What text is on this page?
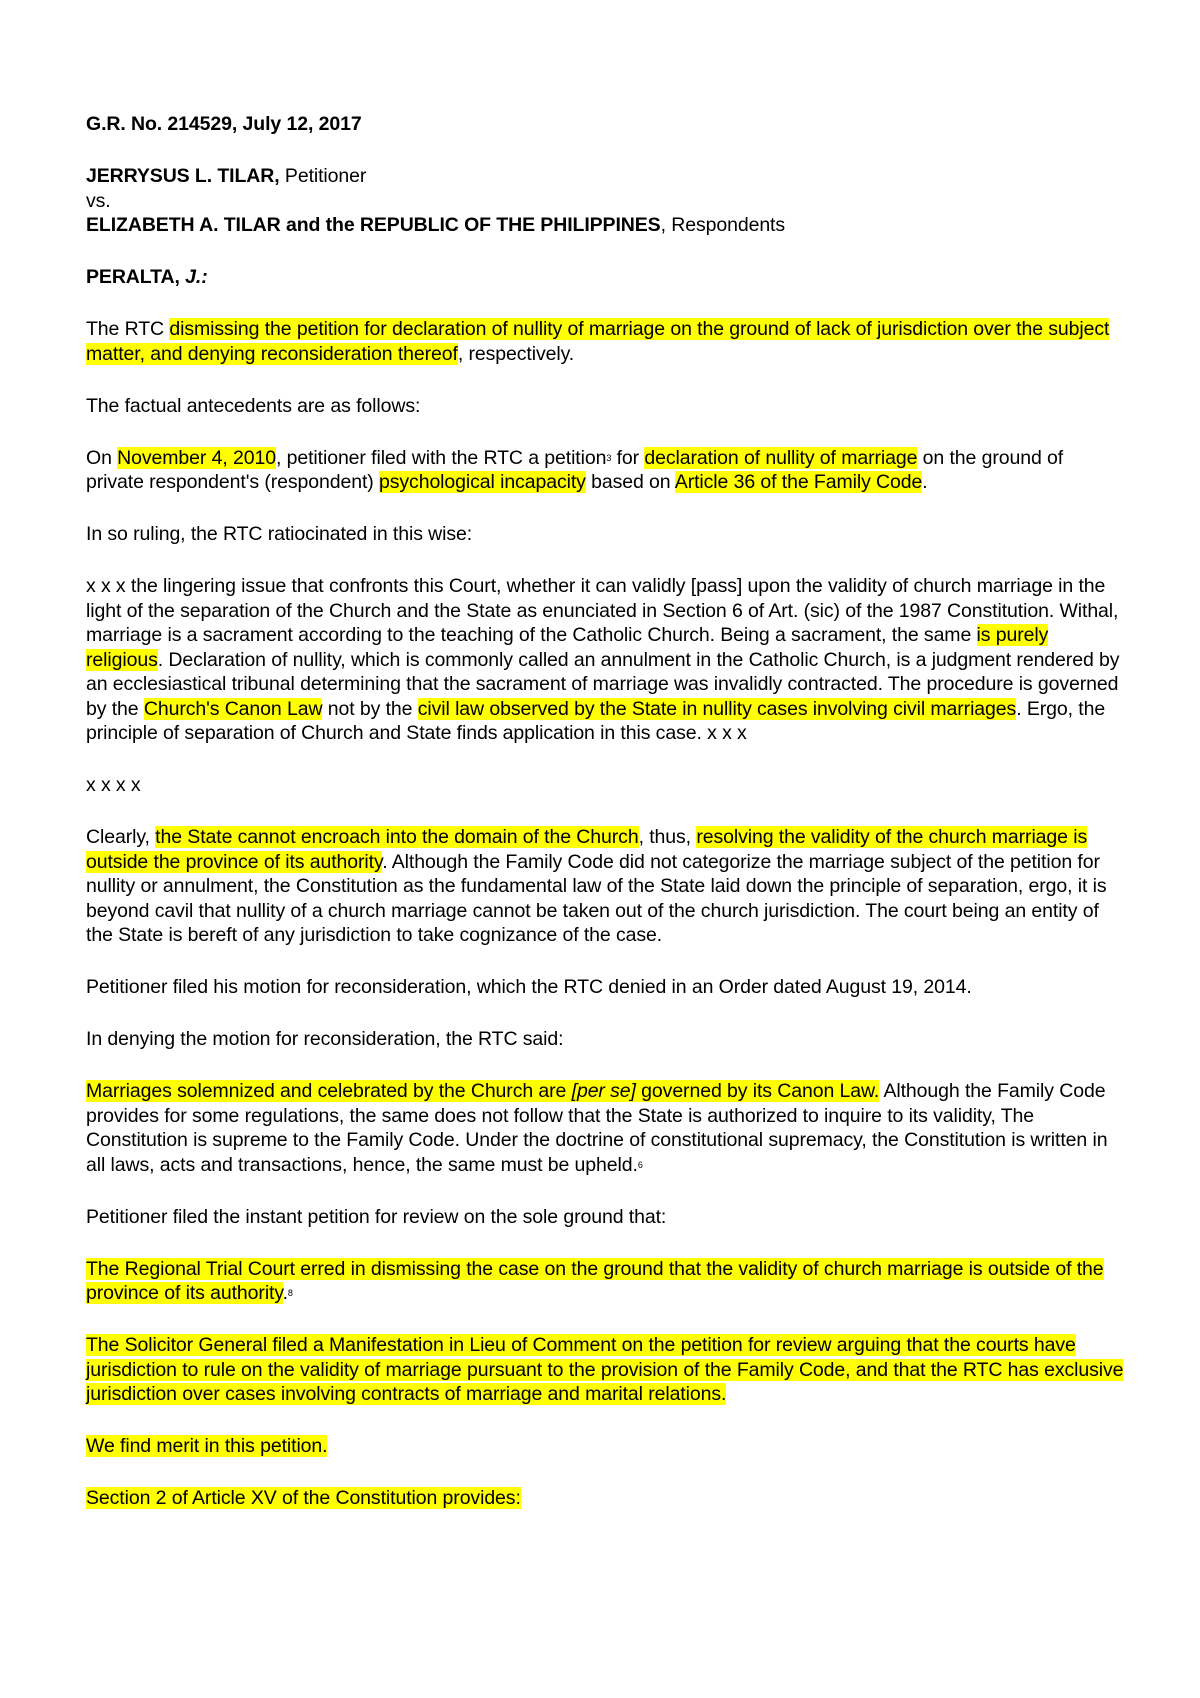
G.R. No. 214529, July 12, 2017

JERRYSUS L. TILAR, Petitioner

vs.

ELIZABETH A. TILAR and the REPUBLIC OF THE PHILIPPINES, Respondents

PERALTA, J.:

The RTC dismissing the petition for declaration of nullity of marriage on the ground of lack of jurisdiction over the subject matter, and denying reconsideration thereof, respectively.

The factual antecedents are as follows:

On November 4, 2010, petitioner filed with the RTC a petition$^3$ for declaration of nullity of marriage on the ground of private respondent's (respondent) psychological incapacity based on Article 36 of the Family Code.

In so ruling, the RTC ratiocinated in this wise:

x x x the lingering issue that confronts this Court, whether it can validly [pass] upon the validity of church marriage in the light of the separation of the Church and the State as enunciated in Section 6 of Art. (sic) of the 1987 Constitution. Withal, marriage is a sacrament according to the teaching of the Catholic Church. Being a sacrament, the same is purely religious. Declaration of nullity, which is commonly called an annulment in the Catholic Church, is a judgment rendered by an ecclesiastical tribunal determining that the sacrament of marriage was invalidly contracted. The procedure is governed by the Church's Canon Law not by the civil law observed by the State in nullity cases involving civil marriages. Ergo, the principle of separation of Church and State finds application in this case. x x x

x x x x

Clearly, the State cannot encroach into the domain of the Church, thus, resolving the validity of the church marriage is outside the province of its authority. Although the Family Code did not categorize the marriage subject of the petition for nullity or annulment, the Constitution as the fundamental law of the State laid down the principle of separation, ergo, it is beyond cavil that nullity of a church marriage cannot be taken out of the church jurisdiction. The court being an entity of the State is bereft of any jurisdiction to take cognizance of the case.

Petitioner filed his motion for reconsideration, which the RTC denied in an Order dated August 19, 2014.

In denying the motion for reconsideration, the RTC said:

Marriages solemnized and celebrated by the Church are [per se] governed by its Canon Law. Although the Family Code provides for some regulations, the same does not follow that the State is authorized to inquire to its validity, The Constitution is supreme to the Family Code. Under the doctrine of constitutional supremacy, the Constitution is written in all laws, acts and transactions, hence, the same must be upheld.$^6$

Petitioner filed the instant petition for review on the sole ground that:

The Regional Trial Court erred in dismissing the case on the ground that the validity of church marriage is outside of the province of its authority.$^8$

The Solicitor General filed a Manifestation in Lieu of Comment on the petition for review arguing that the courts have jurisdiction to rule on the validity of marriage pursuant to the provision of the Family Code, and that the RTC has exclusive jurisdiction over cases involving contracts of marriage and marital relations.

We find merit in this petition.

Section 2 of Article XV of the Constitution provides:
